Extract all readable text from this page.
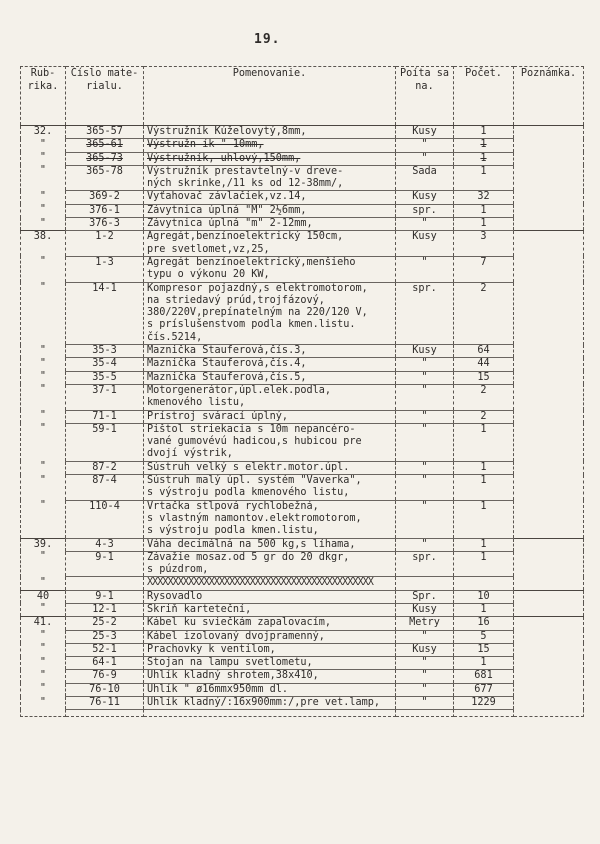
19.
Rub-rika.	Číslo mate-rialu.	Pomenovanie.	Poíta sa na.	Počet.	Poznámka.
32.	365-57	Výstružník Kúželovytý,8mm,	Kusy	1	
"	365-61	Výstružn ík " 10mm,	"	1	
"	365-73	Výstružník, uhlový,150mm,	"	1	
"	365-78	Výstružník prestavtelný-v dreve-
ných skrinke,/11 ks od 12-38mm/,	Sada	1	
"	369-2	Vyťahovač závlačiek,vz.14,	Kusy	32	
"	376-1	Závytnica úplná "M" 2½6mm,	spr.	1	
"	376-3	Závytnica úplná "m" 2-12mm,	"	1	
38.	1-2	Agregát,benzínoelektrický 150cm,
pre svetlomet,vz,25,	Kusy	3	
"	1-3	Agregát benzínoelektrický,menšieho
typu o výkonu 20 KW,	"	7	
"	14-1	Kompresor pojazdný,s elektromotorom,
na striedavý prúd,trojfázový,
380/220V,prepínatelným na 220/120 V,
s príslušenstvom podla kmen.listu.
čís.5214,	spr.	2	
"	35-3	Maznička Stauferová,čís.3,	Kusy	64	
"	35-4	Maznička Stauferová,čís.4,	"	44	
"	35-5	Maznička Stauferová,čís.5,	"	15	
"	37-1	Motorgenerátor,úpl.elek.podla,
kmenového listu,	"	2	
"	71-1	Prístroj svárací úplný,	"	2	
"	59-1	Pištol striekacia s 10m nepancéro-
vané gumovévú hadicou,s hubicou pre
dvojí výstrik,	"	1	
"	87-2	Sústruh velký s elektr.motor.úpl.	"	1	
"	87-4	Sústruh malý úpl. systém "Vaverka",
s výstroju podla kmenového listu,	"	1	
"	110-4	Vrtačka stĺpová rychlobežná,
s vlastným namontov.elektromotorom,
s výstroju podla kmen.listu,	"	1	
39.	4-3	Váha decimálná na 500 kg,s líhama,	"	1	
"	9-1	Závažie mosaz.od 5 gr do 20 dkgr,
s púzdrom,	spr.	1	
"		XXXXXXXXXXXXXXXXXXXXXXXXXXXXXXXXXXXXXXXXXXXX			

40	9-1	Rysovadlo	Spr.	10	
"	12-1	Skriň karteteční,	Kusy	1	
41.	25-2	Kábel ku sviečkám zapalovacím,	Metry	16	
"	25-3	Kábel izolovaný dvojpramenný,	"	5	
"	52-1	Prachovky k ventilom,	Kusy	15	
"	64-1	Stojan na lampu svetlometu,	"	1	
"	76-9	Uhlík kladný shrotem,38x410,	"	681	
"	76-10	Uhlík " ø16mmx950mm dl.	"	677	
"	76-11	Uhlík kladný/:16x900mm:/,pre vet.lamp,	"	1229	
